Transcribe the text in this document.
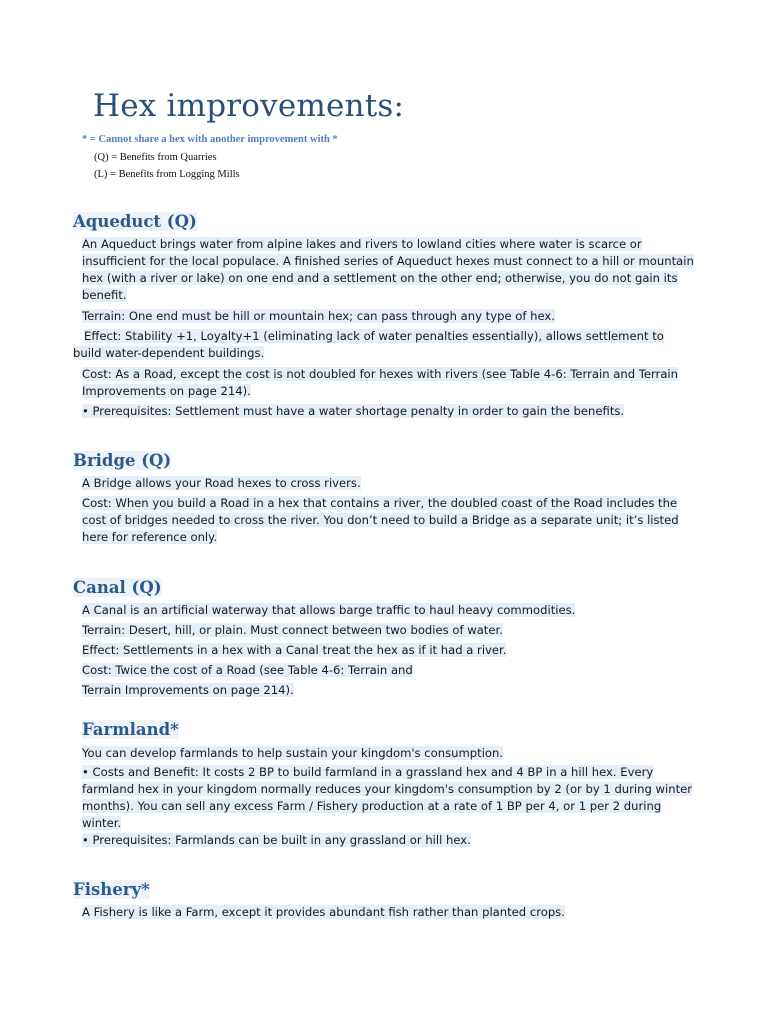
Hex improvements:
* = Cannot share a hex with another improvement with *
(Q) = Benefits from Quarries
(L) = Benefits from Logging Mills
Aqueduct (Q)

An Aqueduct brings water from alpine lakes and rivers to lowland cities where water is scarce or insufficient for the local populace. A finished series of Aqueduct hexes must connect to a hill or mountain hex (with a river or lake) on one end and a settlement on the other end; otherwise, you do not gain its benefit.

Terrain: One end must be hill or mountain hex; can pass through any type of hex.

Effect: Stability +1, Loyalty+1 (eliminating lack of water penalties essentially), allows settlement to build water-dependent buildings.

Cost: As a Road, except the cost is not doubled for hexes with rivers (see Table 4-6: Terrain and Terrain Improvements on page 214).

• Prerequisites: Settlement must have a water shortage penalty in order to gain the benefits.

Bridge (Q)

A Bridge allows your Road hexes to cross rivers.

Cost: When you build a Road in a hex that contains a river, the doubled coast of the Road includes the cost of bridges needed to cross the river. You don’t need to build a Bridge as a separate unit; it’s listed here for reference only.

Canal (Q)

A Canal is an artificial waterway that allows barge traffic to haul heavy commodities.

Terrain: Desert, hill, or plain. Must connect between two bodies of water.

Effect: Settlements in a hex with a Canal treat the hex as if it had a river.

Cost: Twice the cost of a Road (see Table 4-6: Terrain and

Terrain Improvements on page 214).

Farmland*

You can develop farmlands to help sustain your kingdom's consumption.

• Costs and Benefit: It costs 2 BP to build farmland in a grassland hex and 4 BP in a hill hex. Every farmland hex in your kingdom normally reduces your kingdom's consumption by 2 (or by 1 during winter months). You can sell any excess Farm / Fishery production at a rate of 1 BP per 4, or 1 per 2 during winter.

• Prerequisites: Farmlands can be built in any grassland or hill hex.

Fishery*

A Fishery is like a Farm, except it provides abundant fish rather than planted crops.
